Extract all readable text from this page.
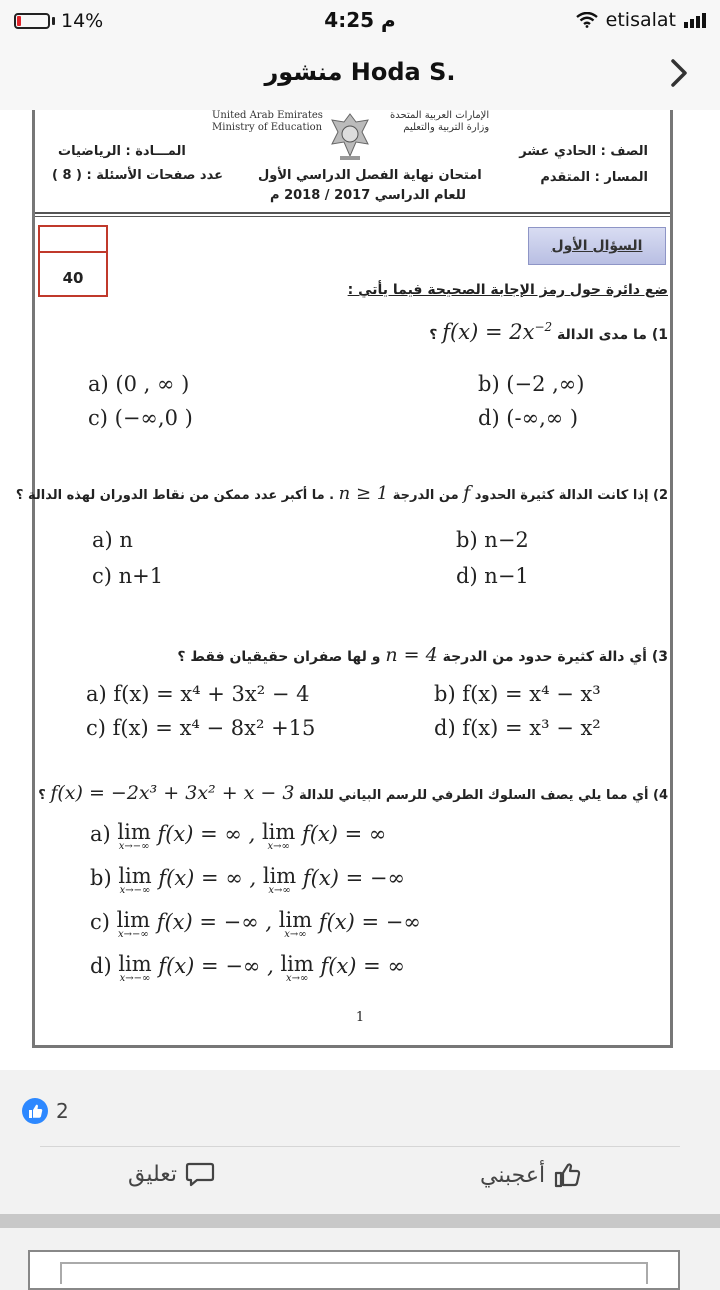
14%	4:25 م	etisalat
منشور Hoda S.
United Arab Emirates
Ministry of Education
الإمارات العربية المتحدة
وزارة التربية والتعليم
المـــادة : الرياضيات
عدد صفحات الأسئلة : ( 8 )	امتحان نهاية الفصل الدراسي الأول
للعام الدراسي 2017 / 2018 م
الصف : الحادي عشر
المسار : المتقدم
40
السؤال الأول
ضع دائرة حول رمز الإجابة الصحيحة فيما يأتي :
1) ما مدى الدالة $f(x) = 2x^{-2}$ ؟
a) (0 , ∞ )	b) (−2 ,∞)
c) (−∞,0 )	d) (-∞,∞ )
2) إذا كانت الدالة كثيرة الحدود f من الدرجة n ≥ 1 . ما أكبر عدد ممكن من نقاط الدوران لهذه الدالة ؟
a) n	b) n−2
c) n+1	d) n−1
3) أي دالة كثيرة حدود من الدرجة n = 4 و لها صفران حقيقيان فقط ؟
a) f(x) = x⁴ + 3x² − 4	b) f(x) = x⁴ − x³
c) f(x) = x⁴ − 8x² +15	d) f(x) = x³ − x²
4) أي مما يلي يصف السلوك الطرفي للرسم البياني للدالة f(x) = −2x³ + 3x² + x − 3 ؟
a) lim
x→−∞
f(x) = ∞ , lim
x→∞
f(x) = ∞
b) lim
x→−∞
f(x) = ∞ , lim
x→∞
f(x) = −∞
c) lim
x→−∞
f(x) = −∞ , lim
x→∞
f(x) = −∞
d) lim
x→−∞
f(x) = −∞ , lim
x→∞
f(x) = ∞
1
2
تعليق	أعجبني
